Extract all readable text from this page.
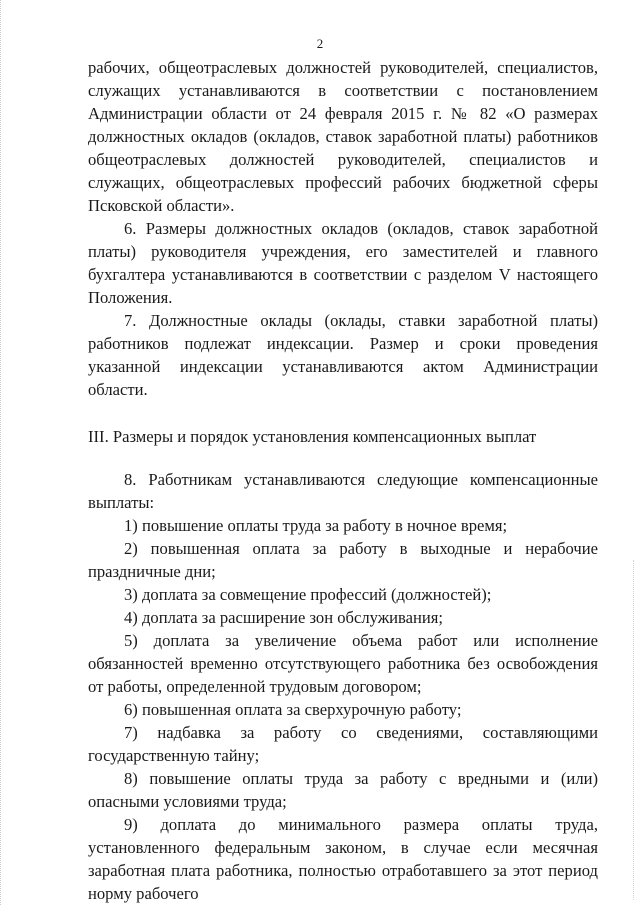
2

рабочих, общеотраслевых должностей руководителей, специалистов, служащих устанавливаются в соответствии с постановлением Администрации области от 24 февраля 2015 г. № 82 «О размерах должностных окладов (окладов, ставок заработной платы) работников общеотраслевых должностей руководителей, специалистов и служащих, общеотраслевых профессий рабочих бюджетной сферы Псковской области».

6. Размеры должностных окладов (окладов, ставок заработной платы) руководителя учреждения, его заместителей и главного бухгалтера устанавливаются в соответствии с разделом V настоящего Положения.

7. Должностные оклады (оклады, ставки заработной платы) работников подлежат индексации. Размер и сроки проведения указанной индексации устанавливаются актом Администрации области.

III. Размеры и порядок установления компенсационных выплат

8. Работникам устанавливаются следующие компенсационные выплаты:

1) повышение оплаты труда за работу в ночное время;

2) повышенная оплата за работу в выходные и нерабочие праздничные дни;

3) доплата за совмещение профессий (должностей);

4) доплата за расширение зон обслуживания;

5) доплата за увеличение объема работ или исполнение обязанностей временно отсутствующего работника без освобождения от работы, определенной трудовым договором;

6) повышенная оплата за сверхурочную работу;

7) надбавка за работу со сведениями, составляющими государственную тайну;

8) повышение оплаты труда за работу с вредными и (или) опасными условиями труда;

9) доплата до минимального размера оплаты труда, установленного федеральным законом, в случае если месячная заработная плата работника, полностью отработавшего за этот период норму рабочего
